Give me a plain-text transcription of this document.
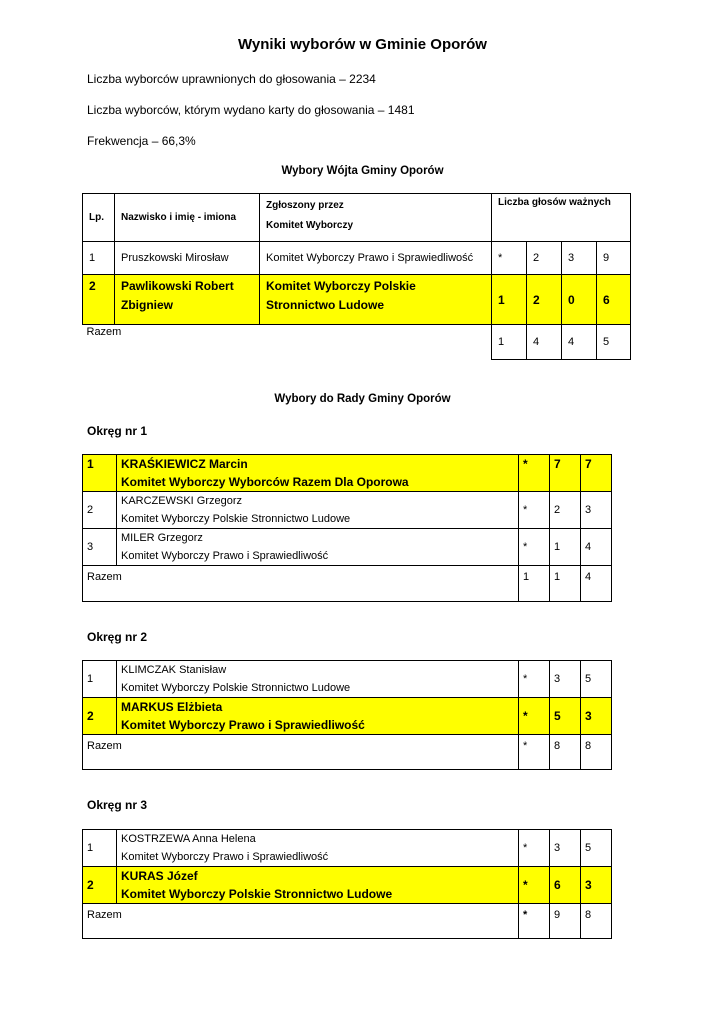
Wyniki wyborów w Gminie Oporów
Liczba wyborców uprawnionych do głosowania – 2234
Liczba wyborców, którym wydano karty do głosowania – 1481
Frekwencja – 66,3%
Wybory Wójta Gminy Oporów
Lp.	Nazwisko i imię - imiona	Zgłoszony przez
Komitet Wyborczy	Liczba głosów ważnych			
1	Pruszkowski Mirosław	Komitet Wyborczy Prawo i Sprawiedliwość	*	2	3	9
2	Pawlikowski Robert Zbigniew	Komitet Wyborczy Polskie Stronnictwo Ludowe	1	2	0	6
Razem			1	4	4	5
Wybory do Rady Gminy Oporów
Okręg nr 1
1	KRAŚKIEWICZ Marcin
Komitet Wyborczy Wyborców Razem Dla Oporowa	*	7	7
2	KARCZEWSKI Grzegorz
Komitet Wyborczy Polskie Stronnictwo Ludowe	*	2	3
3	MILER Grzegorz
Komitet Wyborczy Prawo i Sprawiedliwość	*	1	4
Razem		1	1	4
Okręg nr 2
1	KLIMCZAK Stanisław
Komitet Wyborczy Polskie Stronnictwo Ludowe	*	3	5
2	MARKUS Elżbieta
Komitet Wyborczy Prawo i Sprawiedliwość	*	5	3
Razem		*	8	8
Okręg nr 3
1	KOSTRZEWA Anna Helena
Komitet Wyborczy Prawo i Sprawiedliwość	*	3	5
2	KURAS Józef
Komitet Wyborczy Polskie Stronnictwo Ludowe	*	6	3
Razem		*	9	8
